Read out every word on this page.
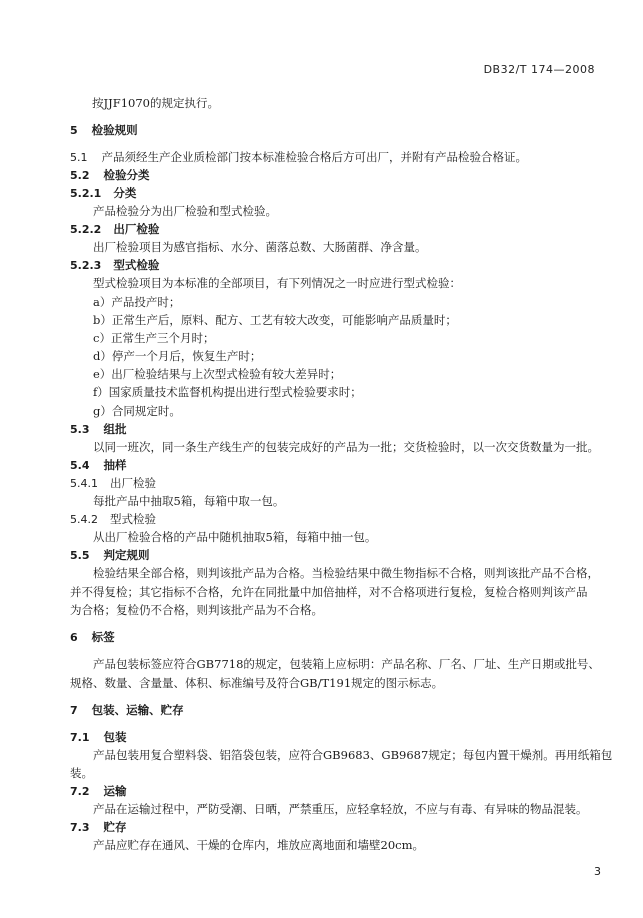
DB32/T 174—2008
按JJF1070的规定执行。
5 检验规则
5.1 产品须经生产企业质检部门按本标准检验合格后方可出厂，并附有产品检验合格证。
5.2 检验分类
5.2.1 分类
产品检验分为出厂检验和型式检验。
5.2.2 出厂检验
出厂检验项目为感官指标、水分、菌落总数、大肠菌群、净含量。
5.2.3 型式检验
型式检验项目为本标准的全部项目，有下列情况之一时应进行型式检验：
a）产品投产时；
b）正常生产后，原料、配方、工艺有较大改变，可能影响产品质量时；
c）正常生产三个月时；
d）停产一个月后，恢复生产时；
e）出厂检验结果与上次型式检验有较大差异时；
f）国家质量技术监督机构提出进行型式检验要求时；
g）合同规定时。
5.3 组批
以同一班次，同一条生产线生产的包装完成好的产品为一批；交货检验时，以一次交货数量为一批。
5.4 抽样
5.4.1 出厂检验
每批产品中抽取5箱，每箱中取一包。
5.4.2 型式检验
从出厂检验合格的产品中随机抽取5箱，每箱中抽一包。
5.5 判定规则
检验结果全部合格，则判该批产品为合格。当检验结果中微生物指标不合格，则判该批产品不合格，
并不得复检；其它指标不合格，允许在同批量中加倍抽样，对不合格项进行复检，复检合格则判该产品
为合格；复检仍不合格，则判该批产品为不合格。
6 标签
产品包装标签应符合GB7718的规定，包装箱上应标明：产品名称、厂名、厂址、生产日期或批号、
规格、数量、含量量、体积、标准编号及符合GB/T191规定的图示标志。
7 包装、运输、贮存
7.1 包装
产品包装用复合塑料袋、铝箔袋包装，应符合GB9683、GB9687规定；每包内置干燥剂。再用纸箱包
装。
7.2 运输
产品在运输过程中，严防受潮、日晒，严禁重压，应轻拿轻放，不应与有毒、有异味的物品混装。
7.3 贮存
产品应贮存在通风、干燥的仓库内，堆放应离地面和墙壁20cm。
3
